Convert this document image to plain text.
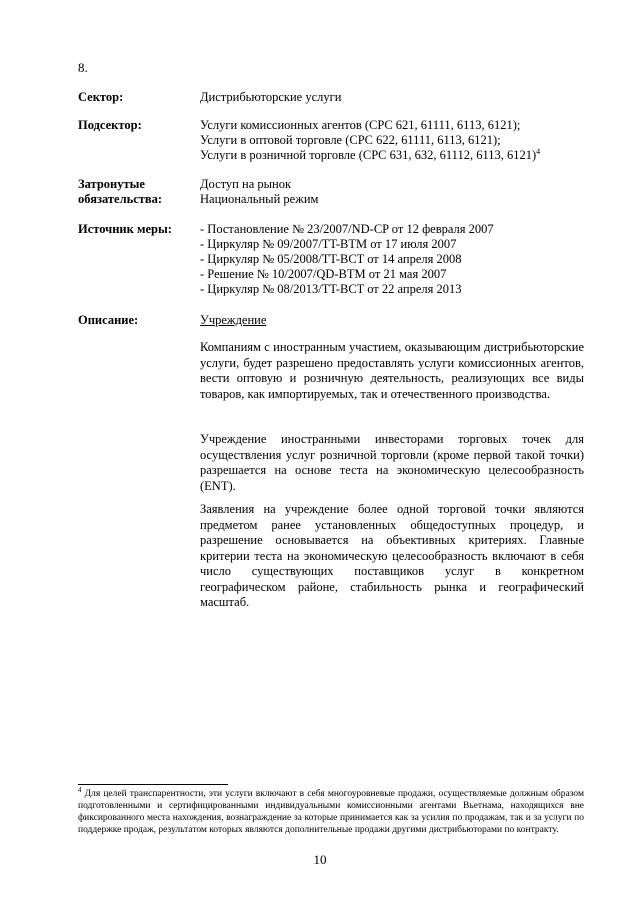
8.
Сектор:	Дистрибьюторские услуги
Подсектор:	Услуги комиссионных агентов (CPC 621, 61111, 6113, 6121);
Услуги в оптовой торговле (CPC 622, 61111, 6113, 6121);
Услуги в розничной торговле (CPC 631, 632, 61112, 6113, 6121)$^4$
Затронутые
обязательства:
Доступ на рынок
Национальный режим
Источник меры:	- Постановление № 23/2007/ND-CP от 12 февраля 2007
- Циркуляр № 09/2007/TT-BTM от 17 июля 2007
- Циркуляр № 05/2008/TT-BCT от 14 апреля 2008
- Решение № 10/2007/QD-BTM от 21 мая 2007
- Циркуляр № 08/2013/TT-BCT от 22 апреля 2013
Описание:	Учреждение
Компаниям с иностранным участием, оказывающим дистрибьюторские услуги, будет разрешено предоставлять услуги комиссионных агентов, вести оптовую и розничную деятельность, реализующих все виды товаров, как импортируемых, так и отечественного производства.
Учреждение иностранными инвесторами торговых точек для осуществления услуг розничной торговли (кроме первой такой точки) разрешается на основе теста на экономическую целесообразность (ENT).
Заявления на учреждение более одной торговой точки являются предметом ранее установленных общедоступных процедур, и разрешение основывается на объективных критериях. Главные критерии теста на экономическую целесообразность включают в себя число существующих поставщиков услуг в конкретном географическом районе, стабильность рынка и географический масштаб.
$^4$ Для целей транспарентности, эти услуги включают в себя многоуровневые продажи, осуществляемые должным образом подготовленными и сертифицированными индивидуальными комиссионными агентами Вьетнама, находящихся вне фиксированного места нахождения, вознаграждение за которые принимается как за усилия по продажам, так и за услуги по поддержке продаж, результатом которых являются дополнительные продажи другими дистрибьюторами по контракту.
10
